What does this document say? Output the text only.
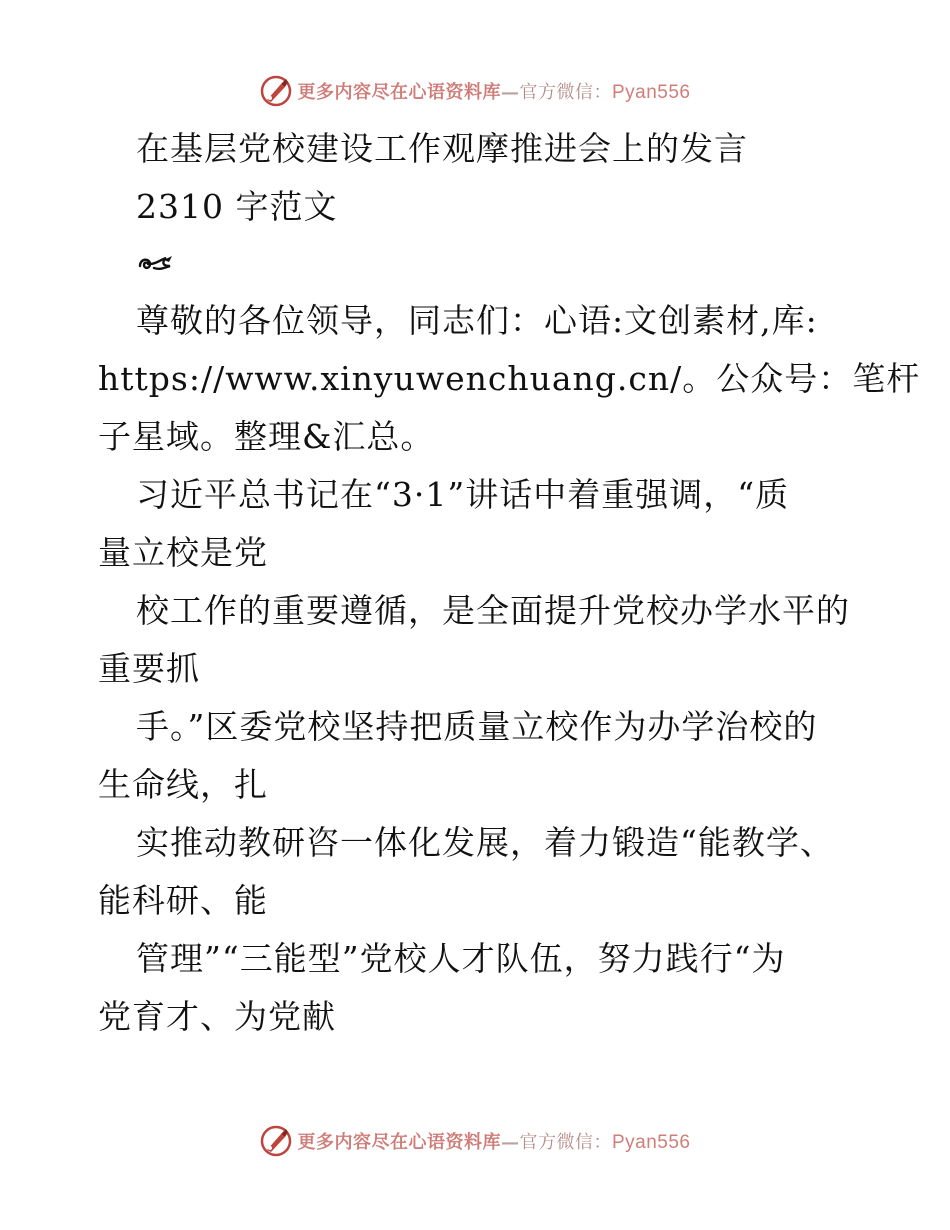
更多内容尽在心语资料库—官方微信：Pyan556
在基层党校建设工作观摩推进会上的发言
2310 字范文
尊敬的各位领导，同志们：心语:文创素材,库:
https://www.xinyuwenchuang.cn/。公众号：笔杆
子星域。整理&汇总。
习近平总书记在“3·1”讲话中着重强调，“质
量立校是党
校工作的重要遵循，是全面提升党校办学水平的
重要抓
手。”区委党校坚持把质量立校作为办学治校的
生命线，扎
实推动教研咨一体化发展，着力锻造“能教学、
能科研、能
管理”“三能型”党校人才队伍，努力践行“为
党育才、为党献
更多内容尽在心语资料库—官方微信：Pyan556
